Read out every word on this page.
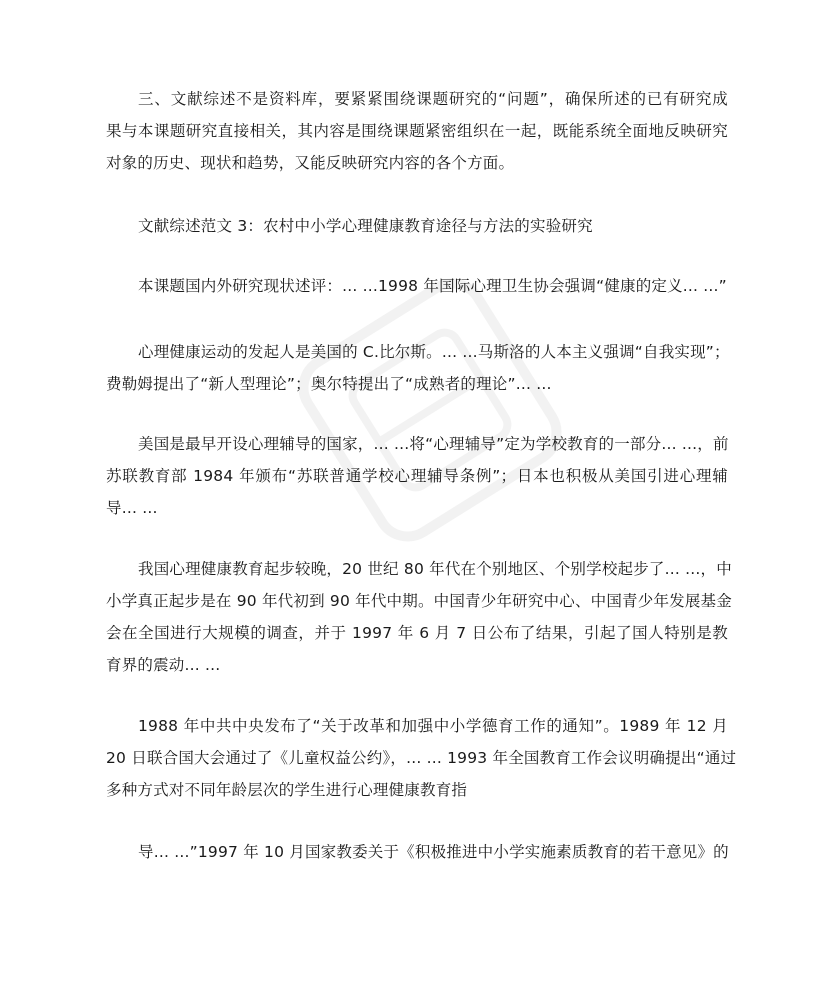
三、文献综述不是资料库，要紧紧围绕课题研究的“问题”，确保所述的已有研究成
果与本课题研究直接相关，其内容是围绕课题紧密组织在一起，既能系统全面地反映研究
对象的历史、现状和趋势，又能反映研究内容的各个方面。

文献综述范文 3：农村中小学心理健康教育途径与方法的实验研究

本课题国内外研究现状述评：... ...1998 年国际心理卫生协会强调“健康的定义... ...”

心理健康运动的发起人是美国的 C.比尔斯。... ...马斯洛的人本主义强调“自我实现”；
费勒姆提出了“新人型理论”；奥尔特提出了“成熟者的理论”... ...

美国是最早开设心理辅导的国家，... ...将“心理辅导”定为学校教育的一部分... ...，前
苏联教育部 1984 年颁布“苏联普通学校心理辅导条例”；日本也积极从美国引进心理辅
导... ...

我国心理健康教育起步较晚，20 世纪 80 年代在个别地区、个别学校起步了... ...，中
小学真正起步是在 90 年代初到 90 年代中期。中国青少年研究中心、中国青少年发展基金
会在全国进行大规模的调查，并于 1997 年 6 月 7 日公布了结果，引起了国人特别是教
育界的震动... ...

1988 年中共中央发布了“关于改革和加强中小学德育工作的通知”。1989 年 12 月
20 日联合国大会通过了《儿童权益公约》，... ... 1993 年全国教育工作会议明确提出“通过
多种方式对不同年龄层次的学生进行心理健康教育指

导... ...”1997 年 10 月国家教委关于《积极推进中小学实施素质教育的若干意见》的
